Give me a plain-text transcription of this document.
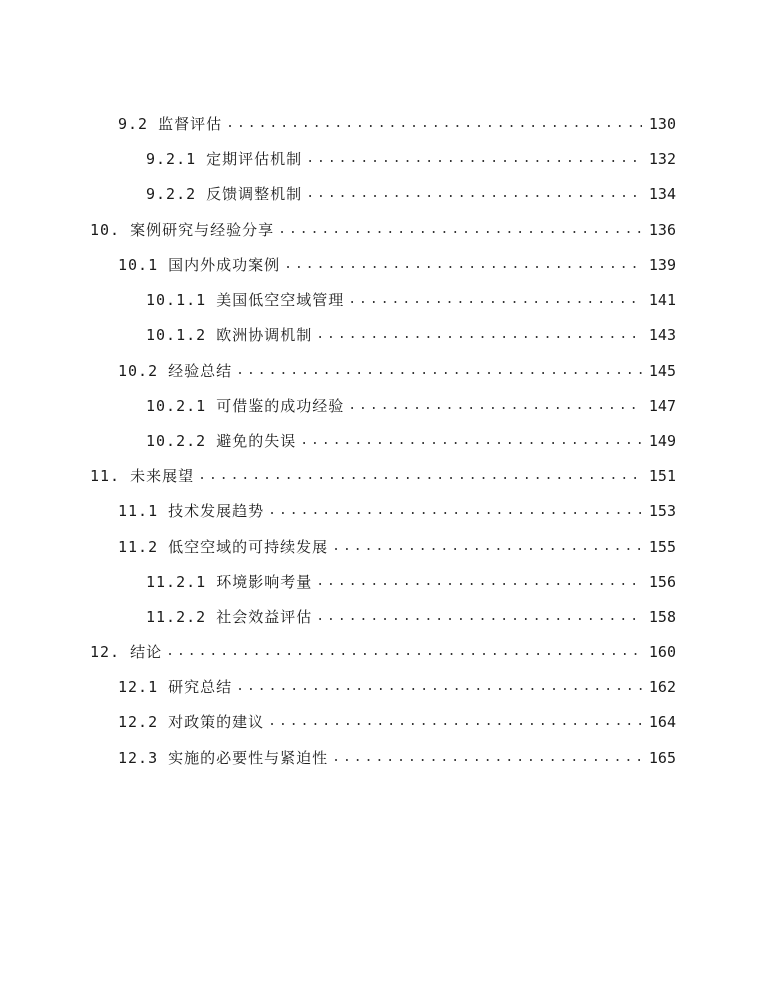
9.2 监督评估 .....	130
9.2.1 定期评估机制 .....	132
9.2.2 反馈调整机制 .....	134
10. 案例研究与经验分享 .....	136
10.1 国内外成功案例 .....	139
10.1.1 美国低空空域管理 .....	141
10.1.2 欧洲协调机制 .....	143
10.2 经验总结 .....	145
10.2.1 可借鉴的成功经验 .....	147
10.2.2 避免的失误 .....	149
11. 未来展望 .....	151
11.1 技术发展趋势 .....	153
11.2 低空空域的可持续发展 .....	155
11.2.1 环境影响考量 .....	156
11.2.2 社会效益评估 .....	158
12. 结论 .....	160
12.1 研究总结 .....	162
12.2 对政策的建议 .....	164
12.3 实施的必要性与紧迫性 .....	165
